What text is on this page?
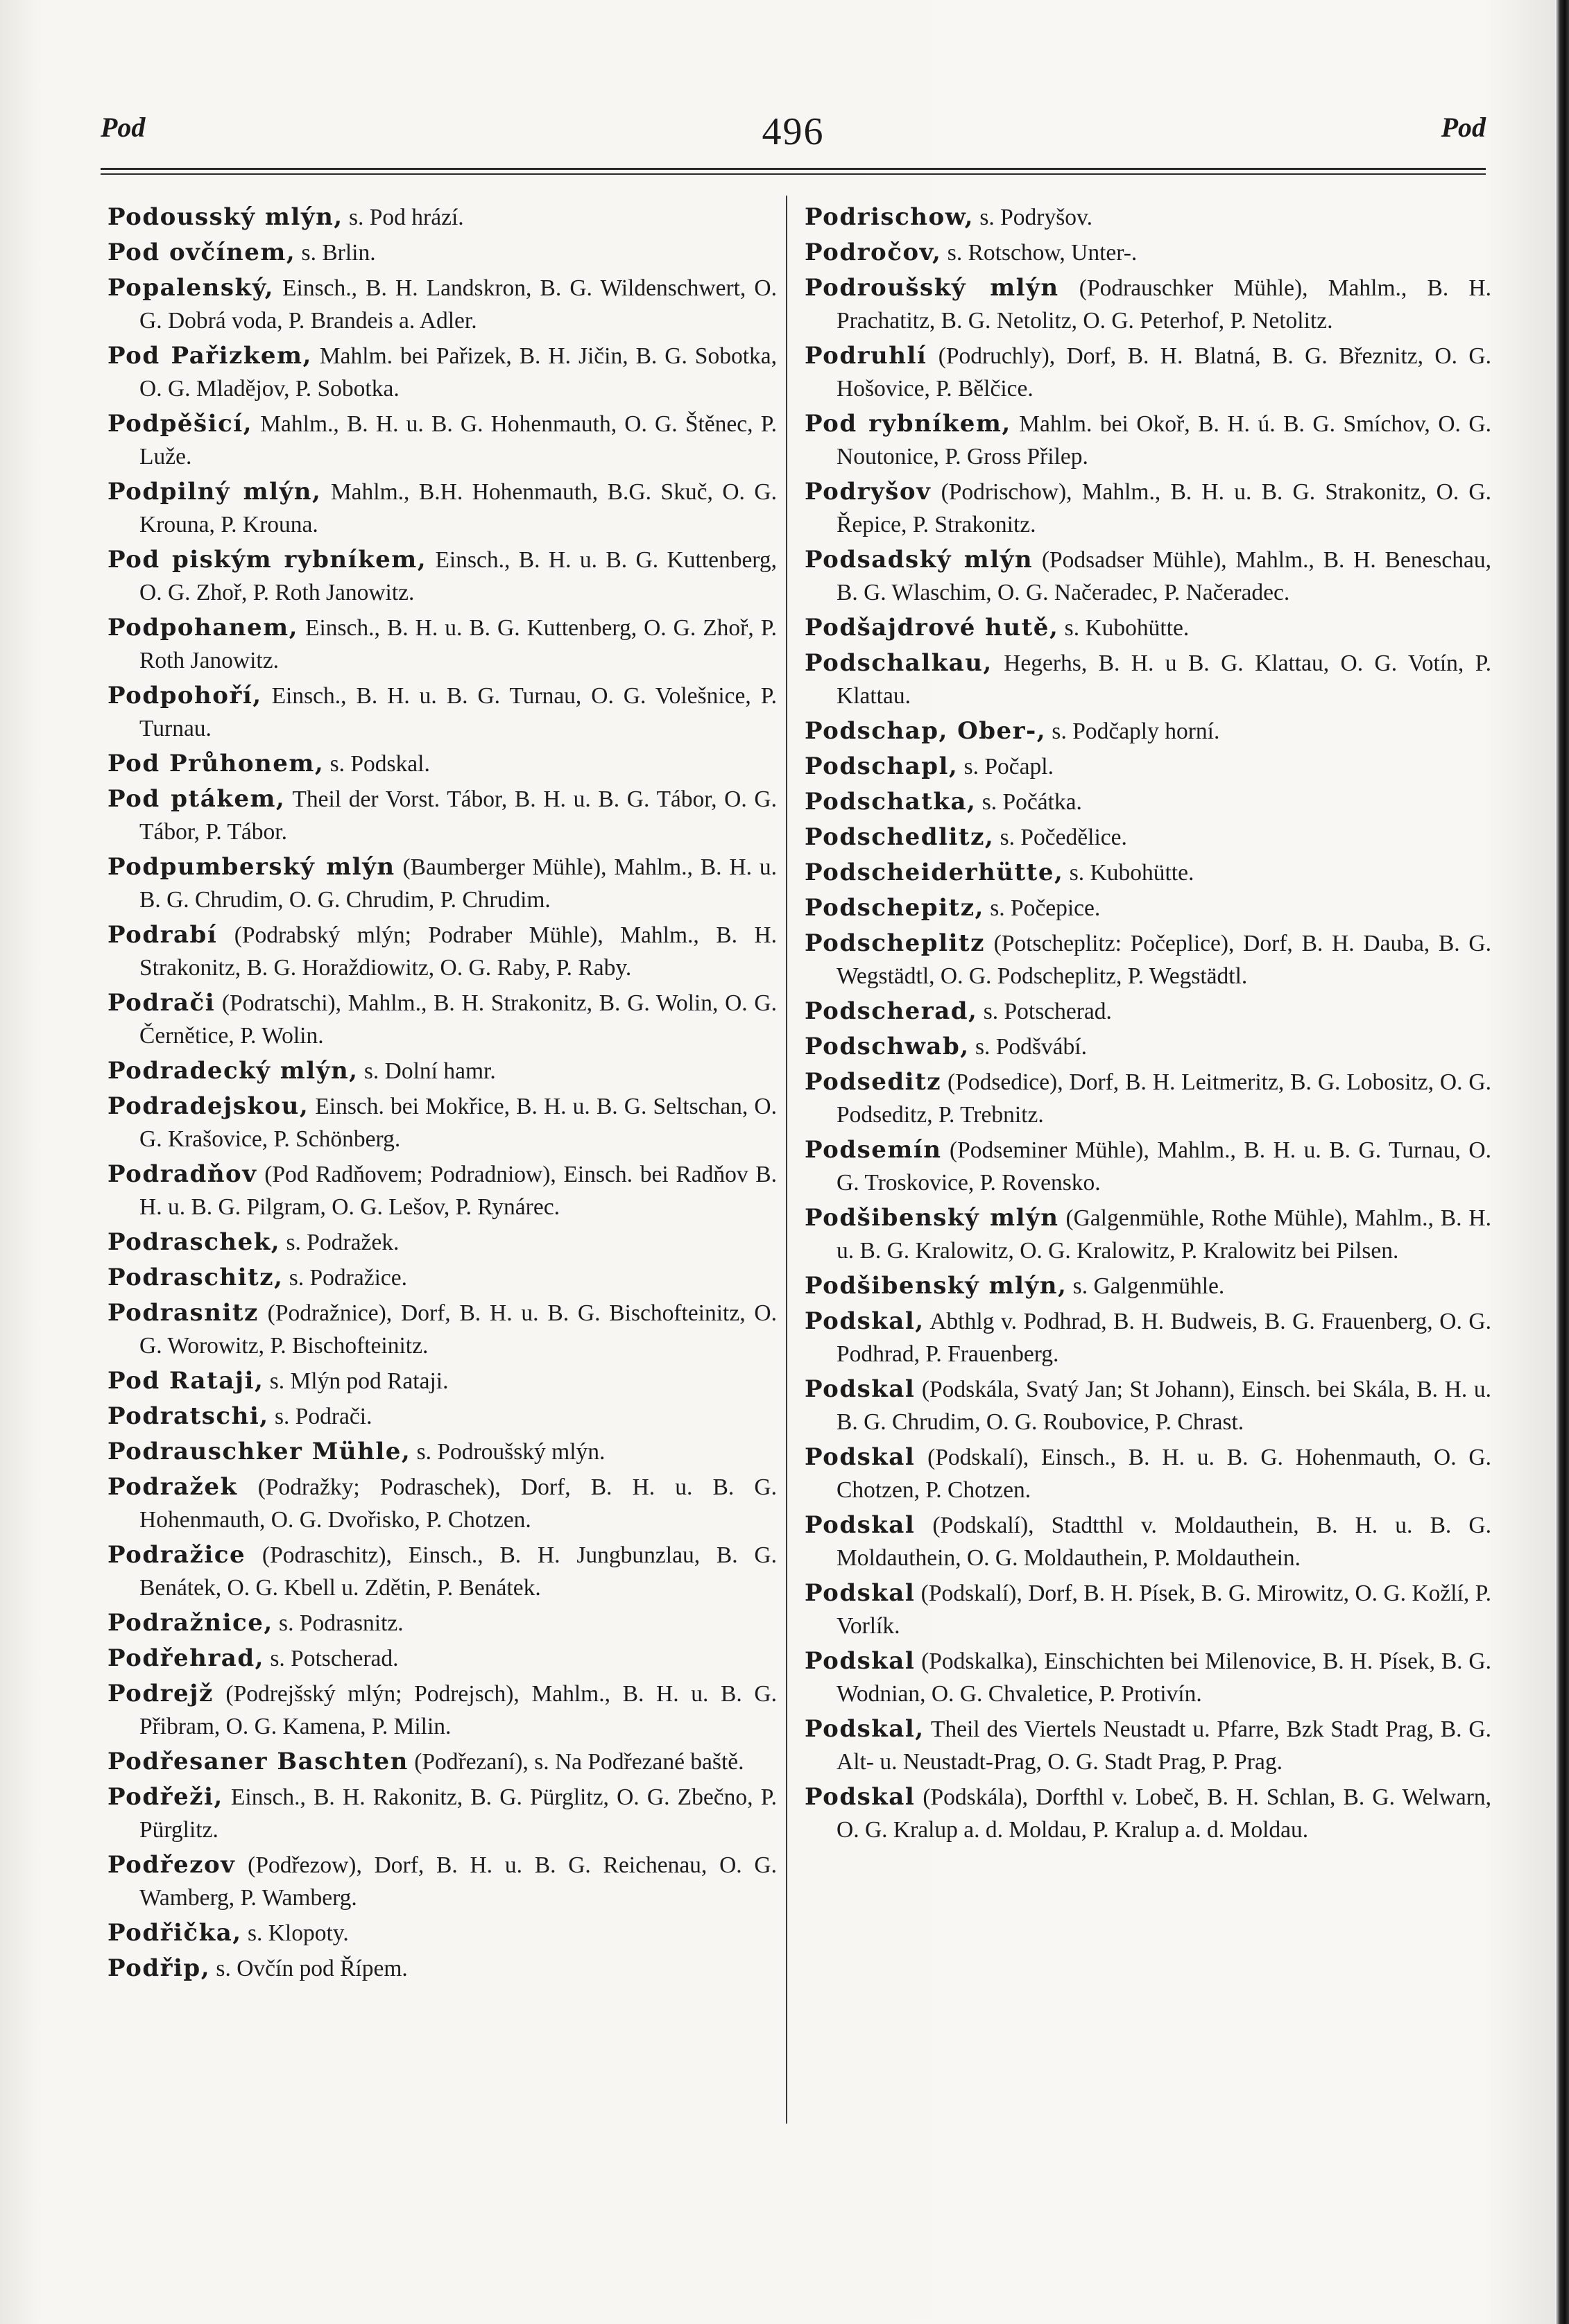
Pod	496	Pod

Podousský mlýn, s. Pod hrází.

Pod ovčínem, s. Brlin.

Popalenský, Einsch., B. H. Landskron, B. G. Wildenschwert, O. G. Dobrá voda, P. Brandeis a. Adler.

Pod Pařizkem, Mahlm. bei Pařizek, B. H. Jičin, B. G. Sobotka, O. G. Mladějov, P. Sobotka.

Podpěšicí, Mahlm., B. H. u. B. G. Hohenmauth, O. G. Štěnec, P. Luže.

Podpilný mlýn, Mahlm., B.H. Hohenmauth, B.G. Skuč, O. G. Krouna, P. Krouna.

Pod piským rybníkem, Einsch., B. H. u. B. G. Kuttenberg, O. G. Zhoř, P. Roth Janowitz.

Podpohanem, Einsch., B. H. u. B. G. Kuttenberg, O. G. Zhoř, P. Roth Janowitz.

Podpohoří, Einsch., B. H. u. B. G. Turnau, O. G. Volešnice, P. Turnau.

Pod Průhonem, s. Podskal.

Pod ptákem, Theil der Vorst. Tábor, B. H. u. B. G. Tábor, O. G. Tábor, P. Tábor.

Podpumberský mlýn (Baumberger Mühle), Mahlm., B. H. u. B. G. Chrudim, O. G. Chrudim, P. Chrudim.

Podrabí (Podrabský mlýn; Podraber Mühle), Mahlm., B. H. Strakonitz, B. G. Horaždiowitz, O. G. Raby, P. Raby.

Podrači (Podratschi), Mahlm., B. H. Strakonitz, B. G. Wolin, O. G. Černětice, P. Wolin.

Podradecký mlýn, s. Dolní hamr.

Podradejskou, Einsch. bei Mokřice, B. H. u. B. G. Seltschan, O. G. Krašovice, P. Schönberg.

Podradňov (Pod Radňovem; Podradniow), Einsch. bei Radňov B. H. u. B. G. Pilgram, O. G. Lešov, P. Rynárec.

Podraschek, s. Podražek.

Podraschitz, s. Podražice.

Podrasnitz (Podražnice), Dorf, B. H. u. B. G. Bischofteinitz, O. G. Worowitz, P. Bischofteinitz.

Pod Rataji, s. Mlýn pod Rataji.

Podratschi, s. Podrači.

Podrauschker Mühle, s. Podroušský mlýn.

Podražek (Podražky; Podraschek), Dorf, B. H. u. B. G. Hohenmauth, O. G. Dvořisko, P. Chotzen.

Podražice (Podraschitz), Einsch., B. H. Jungbunzlau, B. G. Benátek, O. G. Kbell u. Zdětin, P. Benátek.

Podražnice, s. Podrasnitz.

Podřehrad, s. Potscherad.

Podrejž (Podrejšský mlýn; Podrejsch), Mahlm., B. H. u. B. G. Přibram, O. G. Kamena, P. Milin.

Podřesaner Baschten (Podřezaní), s. Na Podřezané baště.

Podřeži, Einsch., B. H. Rakonitz, B. G. Pürglitz, O. G. Zbečno, P. Pürglitz.

Podřezov (Podřezow), Dorf, B. H. u. B. G. Reichenau, O. G. Wamberg, P. Wamberg.

Podřička, s. Klopoty.

Podřip, s. Ovčín pod Řípem.

Podrischow, s. Podryšov.

Področov, s. Rotschow, Unter-.

Podroušský mlýn (Podrauschker Mühle), Mahlm., B. H. Prachatitz, B. G. Netolitz, O. G. Peterhof, P. Netolitz.

Podruhlí (Podruchly), Dorf, B. H. Blatná, B. G. Březnitz, O. G. Hošovice, P. Bělčice.

Pod rybníkem, Mahlm. bei Okoř, B. H. ú. B. G. Smíchov, O. G. Noutonice, P. Gross Přilep.

Podryšov (Podrischow), Mahlm., B. H. u. B. G. Strakonitz, O. G. Řepice, P. Strakonitz.

Podsadský mlýn (Podsadser Mühle), Mahlm., B. H. Beneschau, B. G. Wlaschim, O. G. Načeradec, P. Načeradec.

Podšajdrové hutě, s. Kubohütte.

Podschalkau, Hegerhs, B. H. u B. G. Klattau, O. G. Votín, P. Klattau.

Podschap, Ober-, s. Podčaply horní.

Podschapl, s. Počapl.

Podschatka, s. Počátka.

Podschedlitz, s. Počedělice.

Podscheiderhütte, s. Kubohütte.

Podschepitz, s. Počepice.

Podscheplitz (Potscheplitz: Počeplice), Dorf, B. H. Dauba, B. G. Wegstädtl, O. G. Podscheplitz, P. Wegstädtl.

Podscherad, s. Potscherad.

Podschwab, s. Podšvábí.

Podseditz (Podsedice), Dorf, B. H. Leitmeritz, B. G. Lobositz, O. G. Podseditz, P. Trebnitz.

Podsemín (Podseminer Mühle), Mahlm., B. H. u. B. G. Turnau, O. G. Troskovice, P. Rovensko.

Podšibenský mlýn (Galgenmühle, Rothe Mühle), Mahlm., B. H. u. B. G. Kralowitz, O. G. Kralowitz, P. Kralowitz bei Pilsen.

Podšibenský mlýn, s. Galgenmühle.

Podskal, Abthlg v. Podhrad, B. H. Budweis, B. G. Frauenberg, O. G. Podhrad, P. Frauenberg.

Podskal (Podskála, Svatý Jan; St Johann), Einsch. bei Skála, B. H. u. B. G. Chrudim, O. G. Roubovice, P. Chrast.

Podskal (Podskalí), Einsch., B. H. u. B. G. Hohenmauth, O. G. Chotzen, P. Chotzen.

Podskal (Podskalí), Stadtthl v. Moldauthein, B. H. u. B. G. Moldauthein, O. G. Moldauthein, P. Moldauthein.

Podskal (Podskalí), Dorf, B. H. Písek, B. G. Mirowitz, O. G. Kožlí, P. Vorlík.

Podskal (Podskalka), Einschichten bei Milenovice, B. H. Písek, B. G. Wodnian, O. G. Chvaletice, P. Protivín.

Podskal, Theil des Viertels Neustadt u. Pfarre, Bzk Stadt Prag, B. G. Alt- u. Neustadt-Prag, O. G. Stadt Prag, P. Prag.

Podskal (Podskála), Dorfthl v. Lobeč, B. H. Schlan, B. G. Welwarn, O. G. Kralup a. d. Moldau, P. Kralup a. d. Moldau.
